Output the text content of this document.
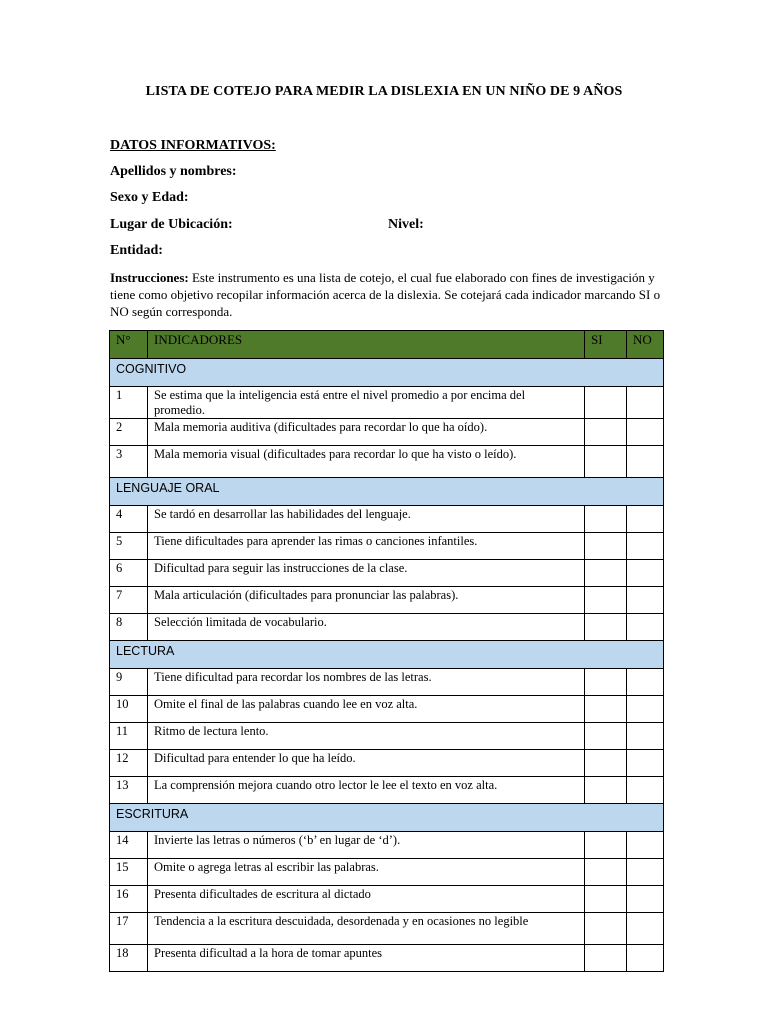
LISTA DE COTEJO PARA MEDIR LA DISLEXIA EN UN NIÑO DE 9 AÑOS
DATOS INFORMATIVOS:
Apellidos y nombres:
Sexo y Edad:
Lugar de Ubicación:	Nivel:
Entidad:
Instrucciones: Este instrumento es una lista de cotejo, el cual fue elaborado con fines de investigación y tiene como objetivo recopilar información acerca de la dislexia. Se cotejará cada indicador marcando SI o NO según corresponda.
N°	INDICADORES	SI	NO
COGNITIVO			
1	Se estima que la inteligencia está entre el nivel promedio a por encima del promedio.		
2	Mala memoria auditiva (dificultades para recordar lo que ha oído).		
3	Mala memoria visual (dificultades para recordar lo que ha visto o leído).		
LENGUAJE ORAL			
4	Se tardó en desarrollar las habilidades del lenguaje.		
5	Tiene dificultades para aprender las rimas o canciones infantiles.		
6	Dificultad para seguir las instrucciones de la clase.		
7	Mala articulación (dificultades para pronunciar las palabras).		
8	Selección limitada de vocabulario.		
LECTURA			
9	Tiene dificultad para recordar los nombres de las letras.		
10	Omite el final de las palabras cuando lee en voz alta.		
11	Ritmo de lectura lento.		
12	Dificultad para entender lo que ha leído.		
13	La comprensión mejora cuando otro lector le lee el texto en voz alta.		
ESCRITURA			
14	Invierte las letras o números (‘b’ en lugar de ‘d’).		
15	Omite o agrega letras al escribir las palabras.		
16	Presenta dificultades de escritura al dictado		
17	Tendencia a la escritura descuidada, desordenada y en ocasiones no legible		
18	Presenta dificultad a la hora de tomar apuntes		
